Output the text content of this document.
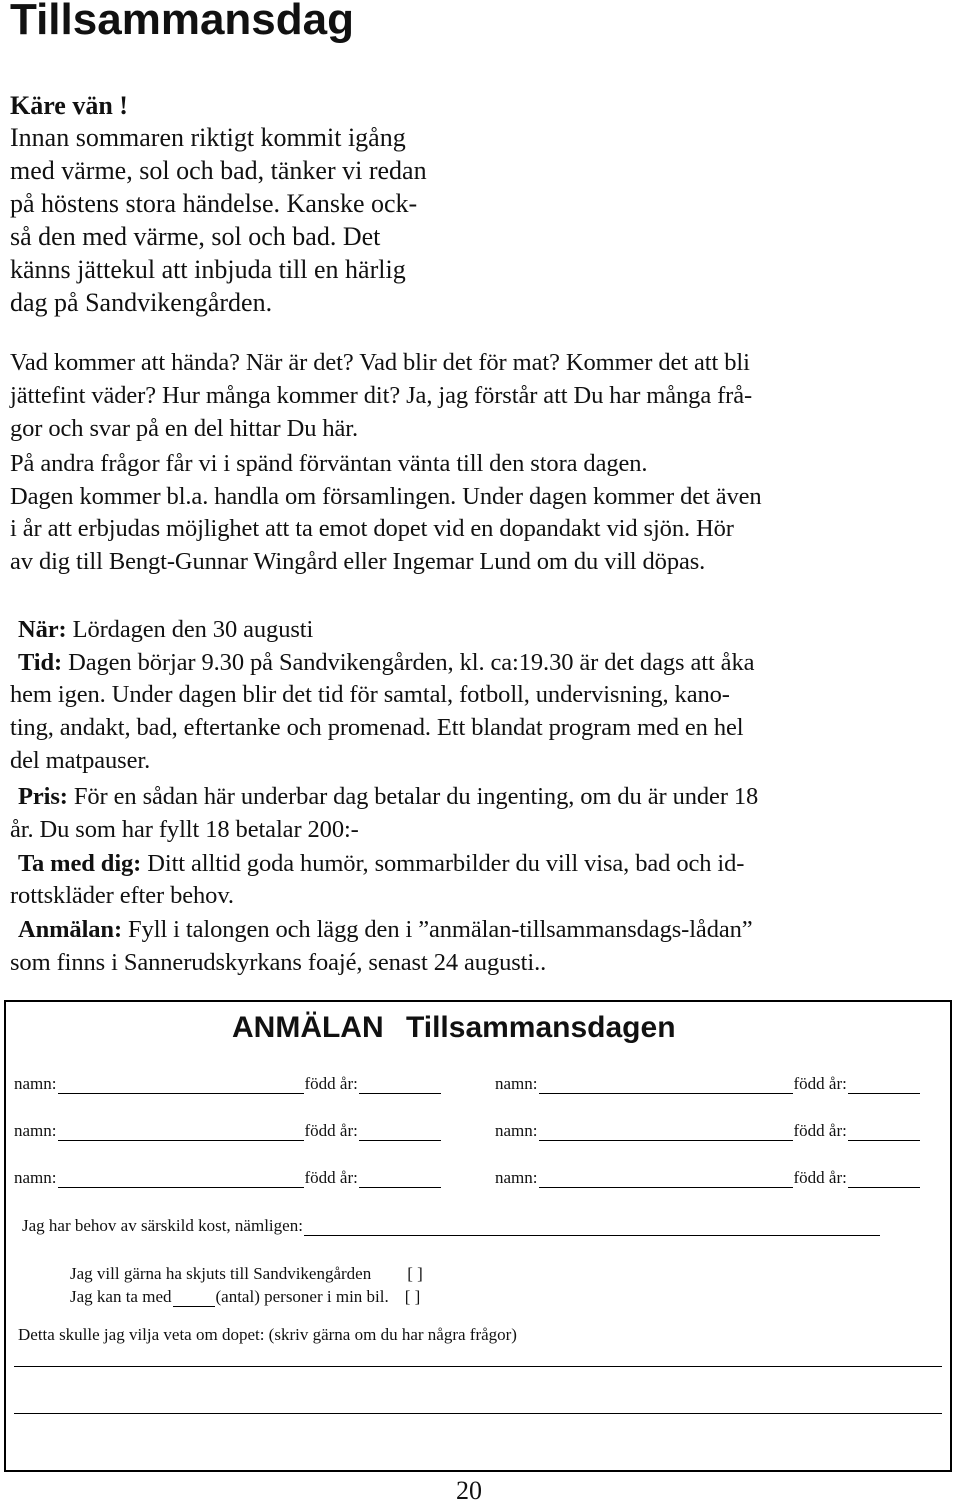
Tillsammansdag
Käre vän !
Innan sommaren riktigt kommit igång
med värme, sol och bad, tänker vi redan
på höstens stora händelse. Kanske ock-
så den med värme, sol och bad. Det
känns jättekul att inbjuda till en härlig
dag på Sandvikengården.
Vad kommer att hända? När är det? Vad blir det för mat? Kommer det att bli
jättefint väder? Hur många kommer dit? Ja, jag förstår att Du har många frå-
gor och svar på en del hittar Du här.
På andra frågor får vi i spänd förväntan vänta till den stora dagen.
Dagen kommer bl.a. handla om församlingen. Under dagen kommer det även
i år att erbjudas möjlighet att ta emot dopet vid en dopandakt vid sjön. Hör
av dig till Bengt-Gunnar Wingård eller Ingemar Lund om du vill döpas.
När: Lördagen den 30 augusti
Tid: Dagen börjar 9.30 på Sandvikengården, kl. ca:19.30 är det dags att åka
hem igen. Under dagen blir det tid för samtal, fotboll, undervisning, kano-
ting, andakt, bad, eftertanke och promenad. Ett blandat program med en hel
del matpauser.
Pris: För en sådan här underbar dag betalar du ingenting, om du är under 18
år. Du som har fyllt 18 betalar 200:-
Ta med dig: Ditt alltid goda humör, sommarbilder du vill visa, bad och id-
rottskläder efter behov.
Anmälan: Fyll i talongen och lägg den i ”anmälan-tillsammansdags-lådan”
som finns i Sannerudskyrkans foajé, senast 24 augusti..
ANMÄLAN Tillsammansdagen
namn:	född år:	namn:	född år:
namn:	född år:	namn:	född år:
namn:	född år:	namn:	född år:
Jag har behov av särskild kost, nämligen:
Jag vill gärna ha skjuts till Sandvikengården [ ]
Jag kan ta med	(antal) personer i min bil. [ ]
Detta skulle jag vilja veta om dopet: (skriv gärna om du har några frågor)
20
